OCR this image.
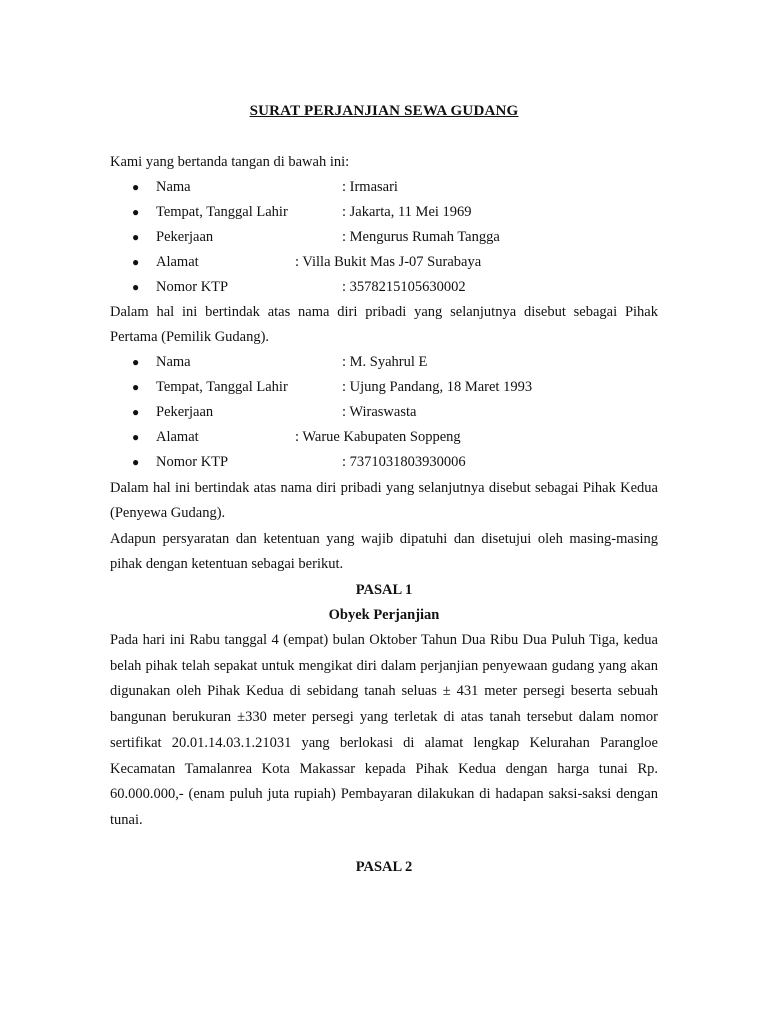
SURAT PERJANJIAN SEWA GUDANG
Kami yang bertanda tangan di bawah ini:
● Nama	: Irmasari
● Tempat, Tanggal Lahir	: Jakarta, 11 Mei 1969
● Pekerjaan	: Mengurus Rumah Tangga
● Alamat	: Villa Bukit Mas J-07 Surabaya
● Nomor KTP	: 3578215105630002
Dalam hal ini bertindak atas nama diri pribadi yang selanjutnya disebut sebagai Pihak Pertama (Pemilik Gudang).
● Nama	: M. Syahrul E
● Tempat, Tanggal Lahir	: Ujung Pandang, 18 Maret 1993
● Pekerjaan	: Wiraswasta
● Alamat	: Warue Kabupaten Soppeng
● Nomor KTP	: 7371031803930006
Dalam hal ini bertindak atas nama diri pribadi yang selanjutnya disebut sebagai Pihak Kedua (Penyewa Gudang).
Adapun persyaratan dan ketentuan yang wajib dipatuhi dan disetujui oleh masing-masing pihak dengan ketentuan sebagai berikut.
PASAL 1
Obyek Perjanjian
Pada hari ini Rabu tanggal 4 (empat) bulan Oktober Tahun Dua Ribu Dua Puluh Tiga, kedua belah pihak telah sepakat untuk mengikat diri dalam perjanjian penyewaan gudang yang akan digunakan oleh Pihak Kedua di sebidang tanah seluas ± 431 meter persegi beserta sebuah bangunan berukuran ±330 meter persegi yang terletak di atas tanah tersebut dalam nomor sertifikat 20.01.14.03.1.21031 yang berlokasi di alamat lengkap Kelurahan Parangloe Kecamatan Tamalanrea Kota Makassar kepada Pihak Kedua dengan harga tunai Rp. 60.000.000,- (enam puluh juta rupiah) Pembayaran dilakukan di hadapan saksi-saksi dengan tunai.
PASAL 2
